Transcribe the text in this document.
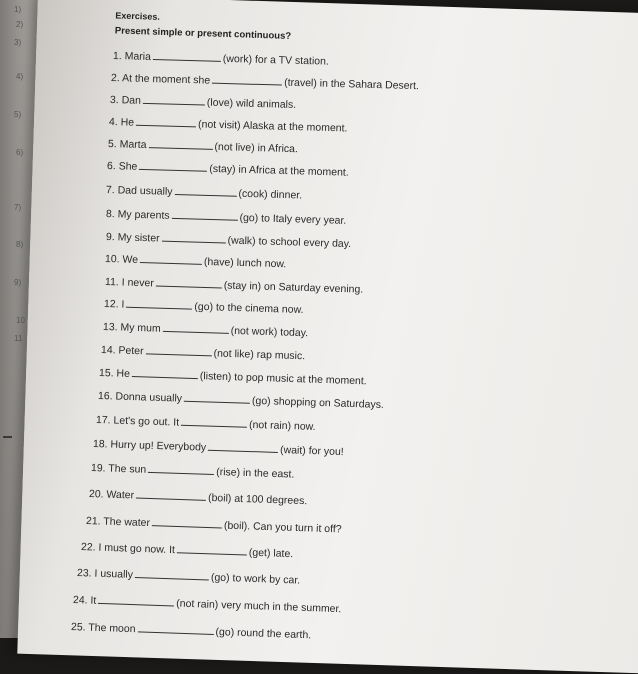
Exercises.
Present simple or present continuous?
1. Maria	(work) for a TV station.
2. At the moment she	(travel) in the Sahara Desert.
3. Dan	(love) wild animals.
4. He	(not visit) Alaska at the moment.
5. Marta	(not live) in Africa.
6. She	(stay) in Africa at the moment.
7. Dad usually	(cook) dinner.
8. My parents	(go) to Italy every year.
9. My sister	(walk) to school every day.
10. We	(have) lunch now.
11. I never	(stay in) on Saturday evening.
12. I	(go) to the cinema now.
13. My mum	(not work) today.
14. Peter	(not like) rap music.
15. He	(listen) to pop music at the moment.
16. Donna usually	(go) shopping on Saturdays.
17. Let's go out. It	(not rain) now.
18. Hurry up! Everybody	(wait) for you!
19. The sun	(rise) in the east.
20. Water	(boil) at 100 degrees.
21. The water	(boil). Can you turn it off?
22. I must go now. It	(get) late.
23. I usually	(go) to work by car.
24. It	(not rain) very much in the summer.
25. The moon	(go) round the earth.
1)
2)
3)
4)
5)
6)
7)
8)
9)
10
11
